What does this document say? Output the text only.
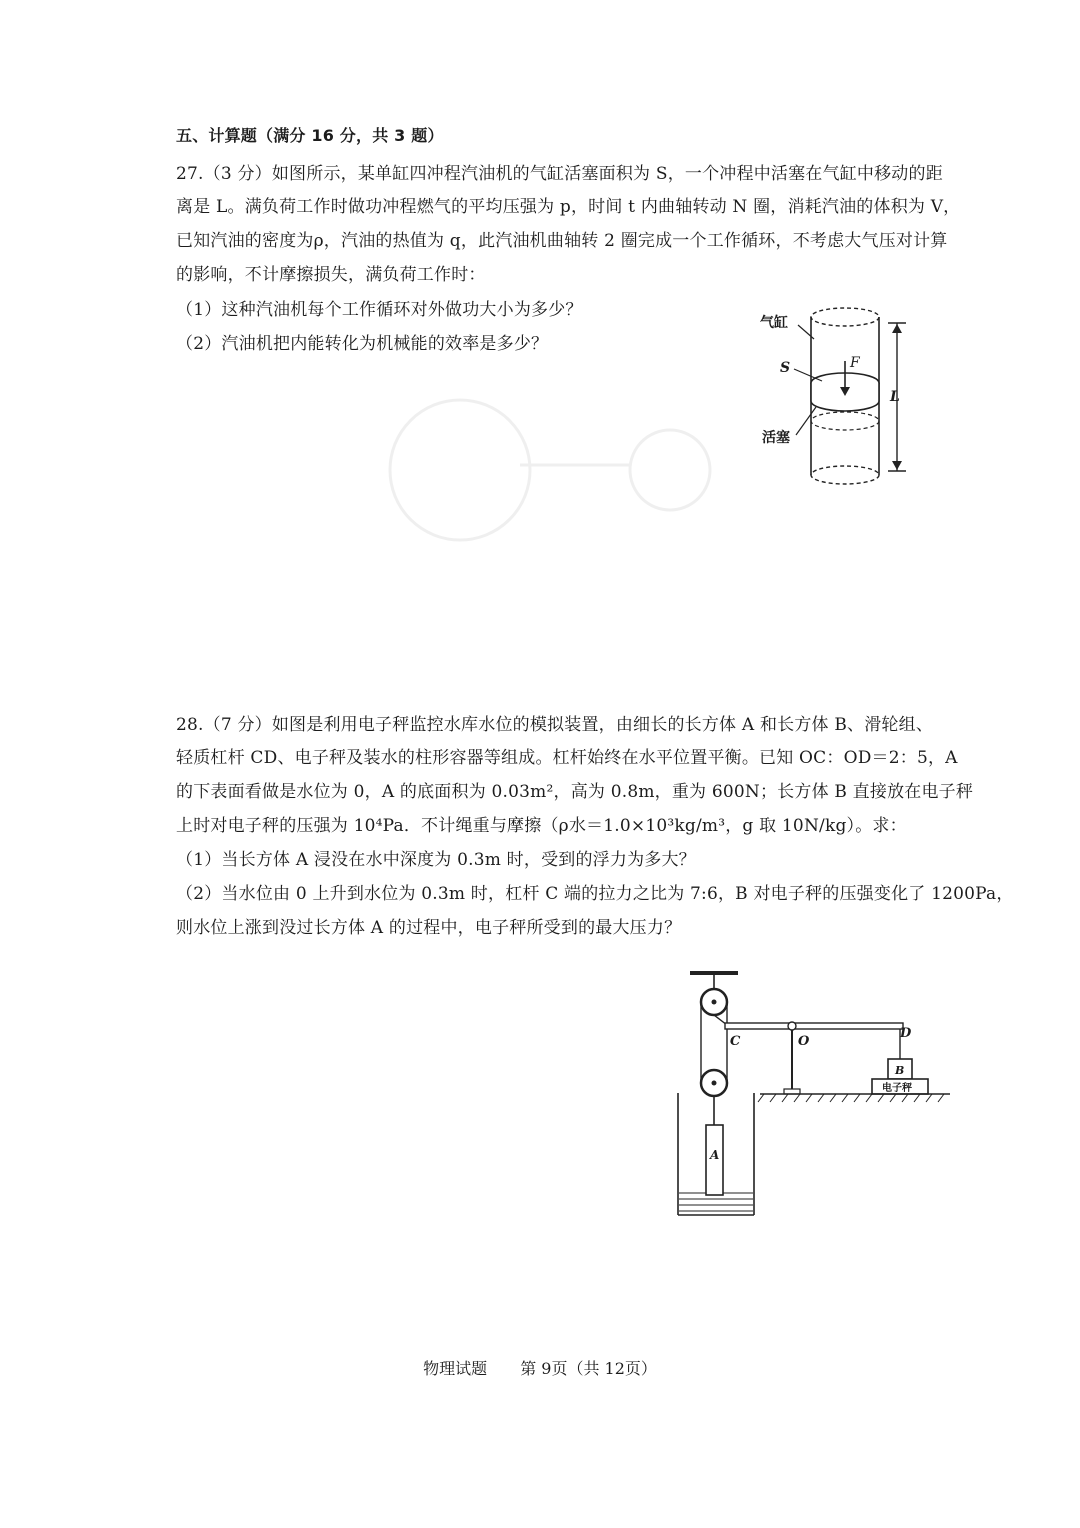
五、计算题（满分 16 分，共 3 题）
27.（3 分）如图所示，某单缸四冲程汽油机的气缸活塞面积为 S，一个冲程中活塞在气缸中移动的距
离是 L。满负荷工作时做功冲程燃气的平均压强为 p，时间 t 内曲轴转动 N 圈，消耗汽油的体积为 V，
已知汽油的密度为ρ，汽油的热值为 q，此汽油机曲轴转 2 圈完成一个工作循环，不考虑大气压对计算
的影响，不计摩擦损失，满负荷工作时：
（1）这种汽油机每个工作循环对外做功大小为多少？
（2）汽油机把内能转化为机械能的效率是多少？
F
L
气缸
S
活塞
28.（7 分）如图是利用电子秤监控水库水位的模拟装置，由细长的长方体 A 和长方体 B、滑轮组、
轻质杠杆 CD、电子秤及装水的柱形容器等组成。杠杆始终在水平位置平衡。已知 OC：OD＝2：5，A
的下表面看做是水位为 0，A 的底面积为 0.03m²，高为 0.8m，重为 600N；长方体 B 直接放在电子秤
上时对电子秤的压强为 10⁴Pa．不计绳重与摩擦（ρ水＝1.0×10³kg/m³，g 取 10N/kg）。求：
（1）当长方体 A 浸没在水中深度为 0.3m 时，受到的浮力为多大？
（2）当水位由 0 上升到水位为 0.3m 时，杠杆 C 端的拉力之比为 7:6，B 对电子秤的压强变化了 1200Pa，
则水位上涨到没过长方体 A 的过程中，电子秤所受到的最大压力？
A
C	O
D
B
电子秤
物理试题 第 9页（共 12页）
